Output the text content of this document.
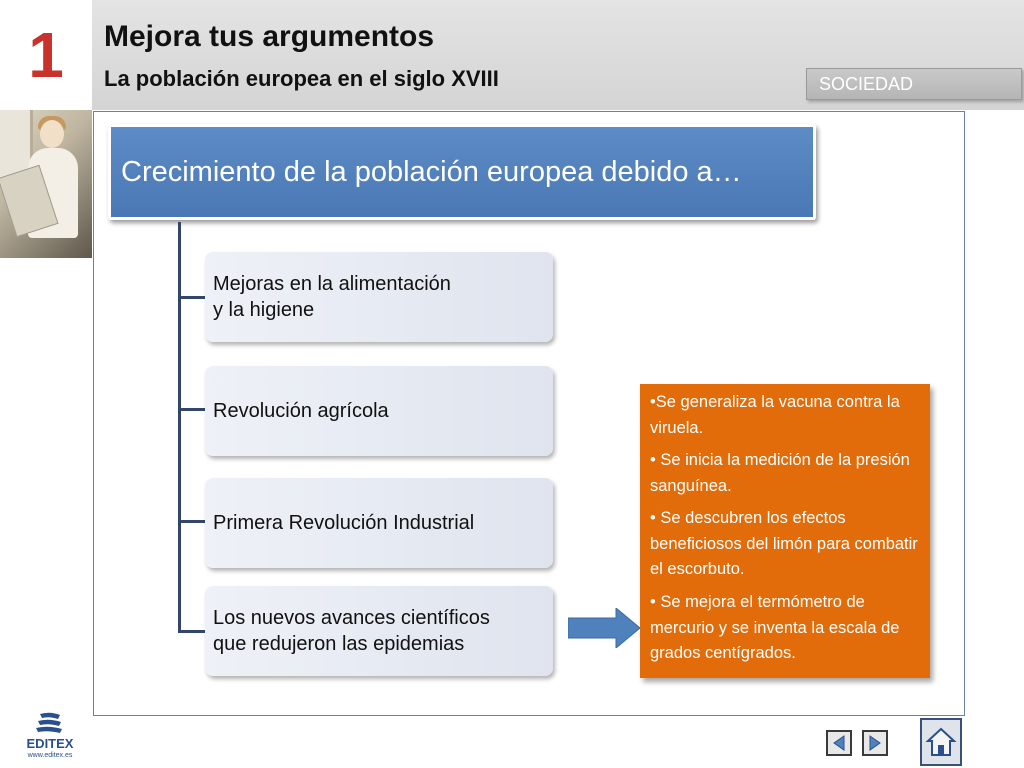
1	Mejora tus argumentos
La población europea en el siglo XVIII	SOCIEDAD
Crecimiento de la población europea debido a…
Mejoras en la alimentación
y la higiene
Revolución agrícola
Primera Revolución Industrial
Los nuevos avances científicos
que redujeron las epidemias

•Se generaliza la vacuna contra la viruela.

• Se inicia la medición de la presión sanguínea.

• Se descubren los efectos beneficiosos del limón para combatir el escorbuto.

• Se mejora el termómetro de mercurio y se inventa la escala de grados centígrados.

EDITEX
www.editex.es
